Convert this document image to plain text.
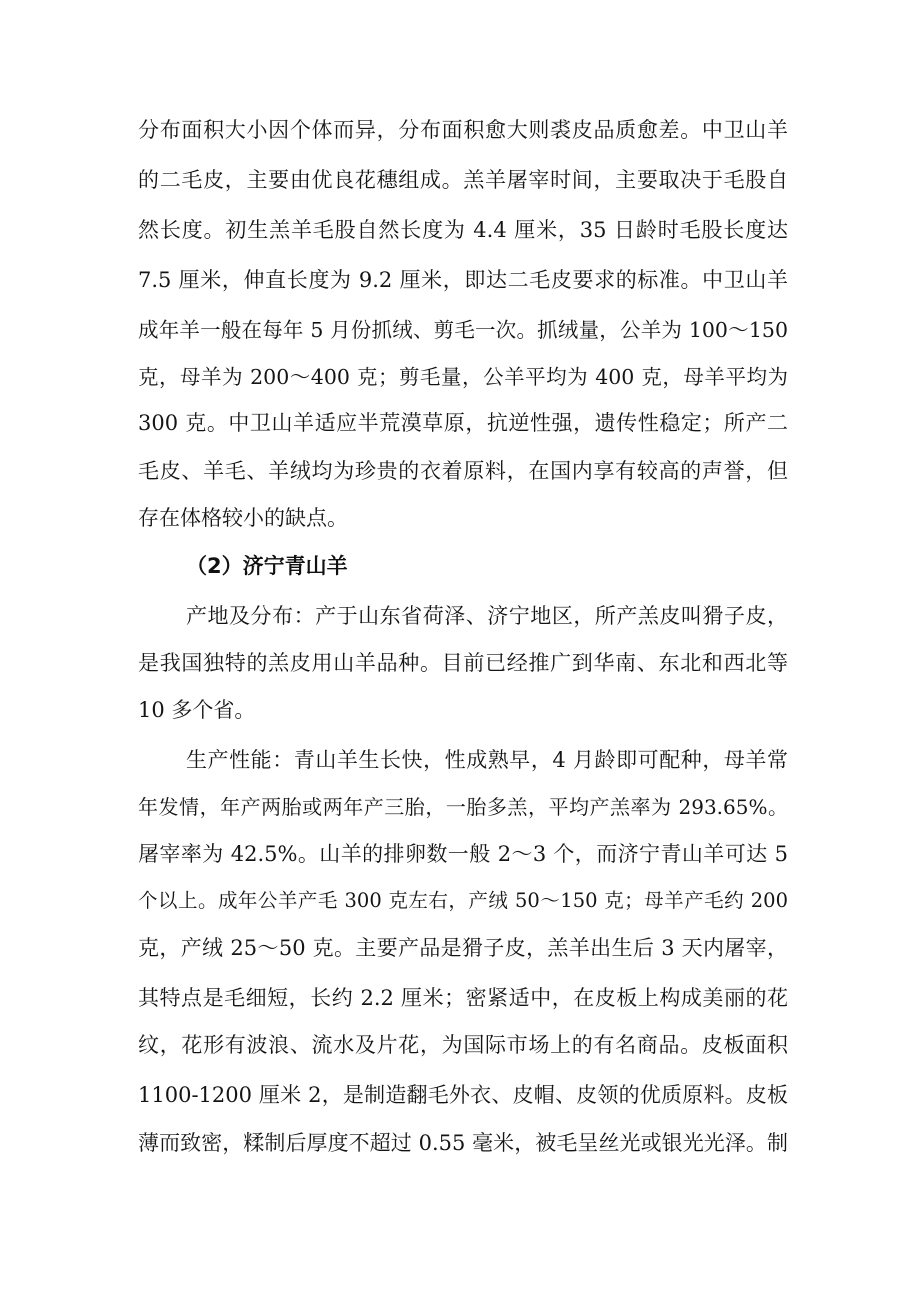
分布面积大小因个体而异，分布面积愈大则裘皮品质愈差。中卫山羊
的二毛皮，主要由优良花穗组成。羔羊屠宰时间，主要取决于毛股自
然长度。初生羔羊毛股自然长度为 4.4 厘米，35 日龄时毛股长度达
7.5 厘米，伸直长度为 9.2 厘米，即达二毛皮要求的标准。中卫山羊
成年羊一般在每年 5 月份抓绒、剪毛一次。抓绒量，公羊为 100～150
克，母羊为 200～400 克；剪毛量，公羊平均为 400 克，母羊平均为
300 克。中卫山羊适应半荒漠草原，抗逆性强，遗传性稳定；所产二
毛皮、羊毛、羊绒均为珍贵的衣着原料，在国内享有较高的声誉，但
存在体格较小的缺点。
（2）济宁青山羊
产地及分布：产于山东省荷泽、济宁地区，所产羔皮叫猾子皮，
是我国独特的羔皮用山羊品种。目前已经推广到华南、东北和西北等
10 多个省。
生产性能：青山羊生长快，性成熟早，4 月龄即可配种，母羊常
年发情，年产两胎或两年产三胎，一胎多羔，平均产羔率为 293.65%。
屠宰率为 42.5%。山羊的排卵数一般 2～3 个，而济宁青山羊可达 5
个以上。成年公羊产毛 300 克左右，产绒 50～150 克；母羊产毛约 200
克，产绒 25～50 克。主要产品是猾子皮，羔羊出生后 3 天内屠宰，
其特点是毛细短，长约 2.2 厘米；密紧适中，在皮板上构成美丽的花
纹，花形有波浪、流水及片花，为国际市场上的有名商品。皮板面积
1100-1200 厘米 2，是制造翻毛外衣、皮帽、皮领的优质原料。皮板
薄而致密，糅制后厚度不超过 0.55 毫米，被毛呈丝光或银光光泽。制
